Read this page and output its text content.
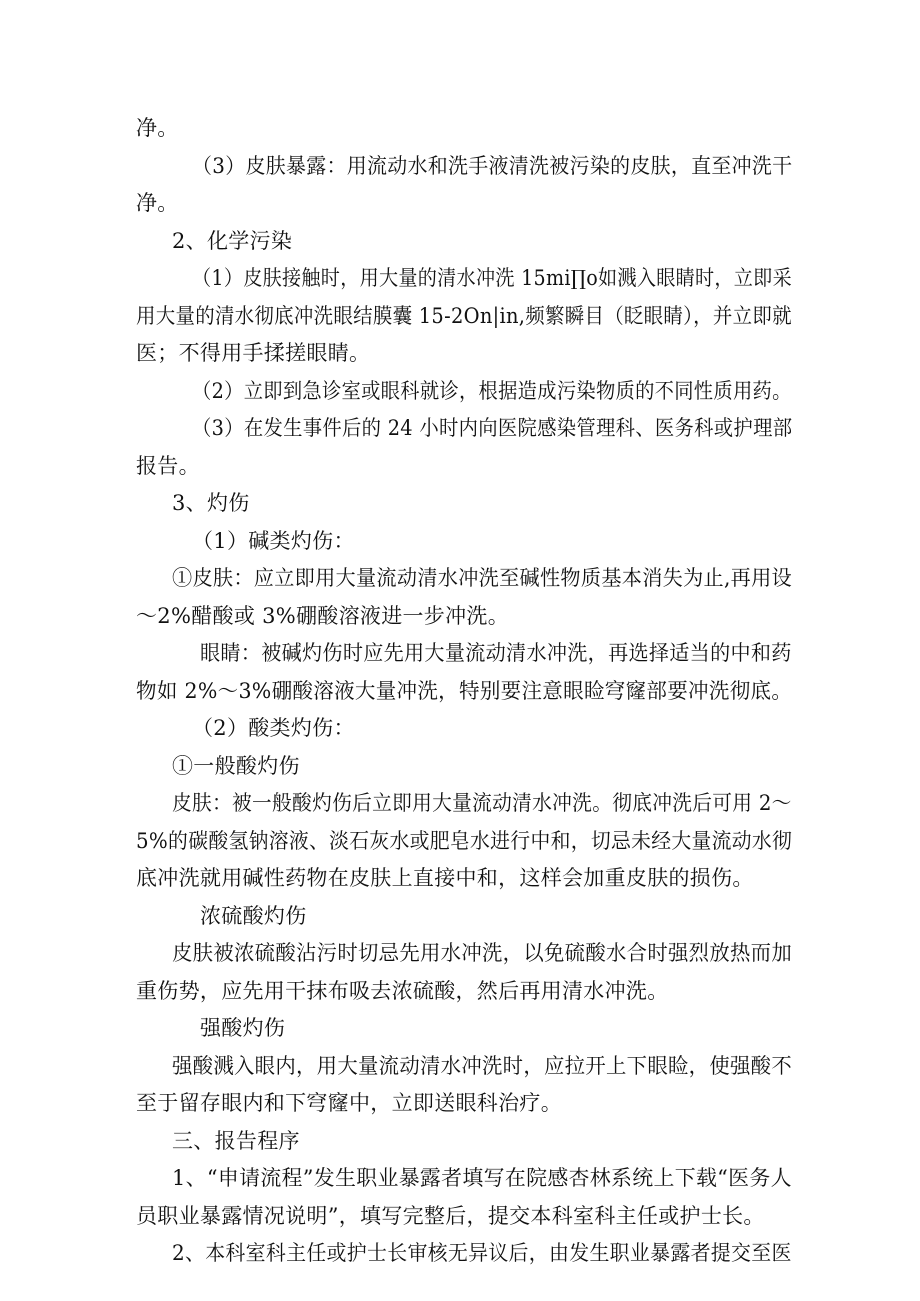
净。
（3）皮肤暴露：用流动水和洗手液清洗被污染的皮肤，直至冲洗干
净。
2、化学污染
（1）皮肤接触时，用大量的清水冲洗 15mi∏o如溅入眼睛时，立即采
用大量的清水彻底冲洗眼结膜囊 15-2On|in,频繁瞬目（眨眼睛），并立即就
医；不得用手揉搓眼睛。
（2）立即到急诊室或眼科就诊，根据造成污染物质的不同性质用药。
（3）在发生事件后的 24 小时内向医院感染管理科、医务科或护理部
报告。
3、灼伤
（1）碱类灼伤：
①皮肤：应立即用大量流动清水冲洗至碱性物质基本消失为止,再用设
～2%醋酸或 3%硼酸溶液进一步冲洗。
眼睛：被碱灼伤时应先用大量流动清水冲洗，再选择适当的中和药
物如 2%～3%硼酸溶液大量冲洗，特别要注意眼睑穹窿部要冲洗彻底。
（2）酸类灼伤：
①一般酸灼伤
皮肤：被一般酸灼伤后立即用大量流动清水冲洗。彻底冲洗后可用 2～
5%的碳酸氢钠溶液、淡石灰水或肥皂水进行中和，切忌未经大量流动水彻
底冲洗就用碱性药物在皮肤上直接中和，这样会加重皮肤的损伤。
浓硫酸灼伤
皮肤被浓硫酸沾污时切忌先用水冲洗，以免硫酸水合时强烈放热而加
重伤势，应先用干抹布吸去浓硫酸，然后再用清水冲洗。
强酸灼伤
强酸溅入眼内，用大量流动清水冲洗时，应拉开上下眼睑，使强酸不
至于留存眼内和下穹窿中，立即送眼科治疗。
三、报告程序
1、“申请流程”发生职业暴露者填写在院感杏林系统上下载“医务人
员职业暴露情况说明”，填写完整后，提交本科室科主任或护士长。
2、本科室科主任或护士长审核无异议后，由发生职业暴露者提交至医
